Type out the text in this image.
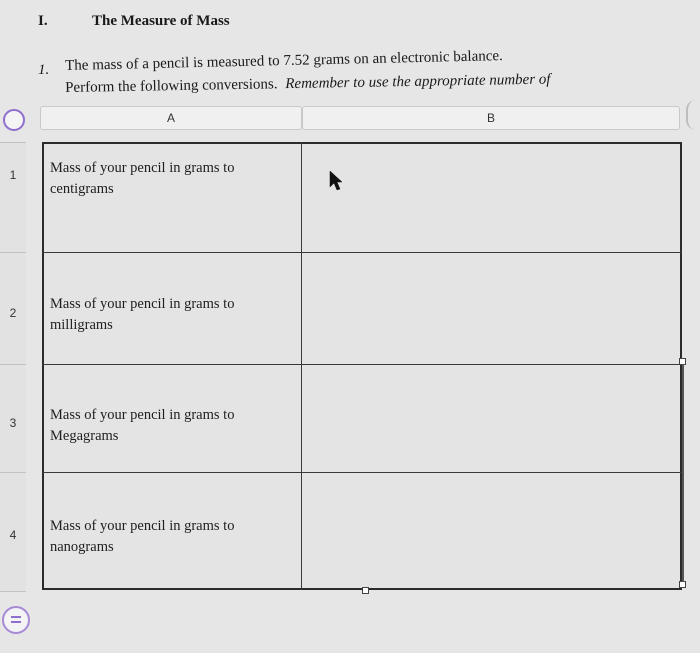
I.	The Measure of Mass
1. The mass of a pencil is measured to 7.52 grams on an electronic balance.
Perform the following conversions. Remember to use the appropriate number of
A	B
1
2
3
4
Mass of your pencil in grams to centigrams
Mass of your pencil in grams to milligrams
Mass of your pencil in grams to Megagrams
Mass of your pencil in grams to nanograms
